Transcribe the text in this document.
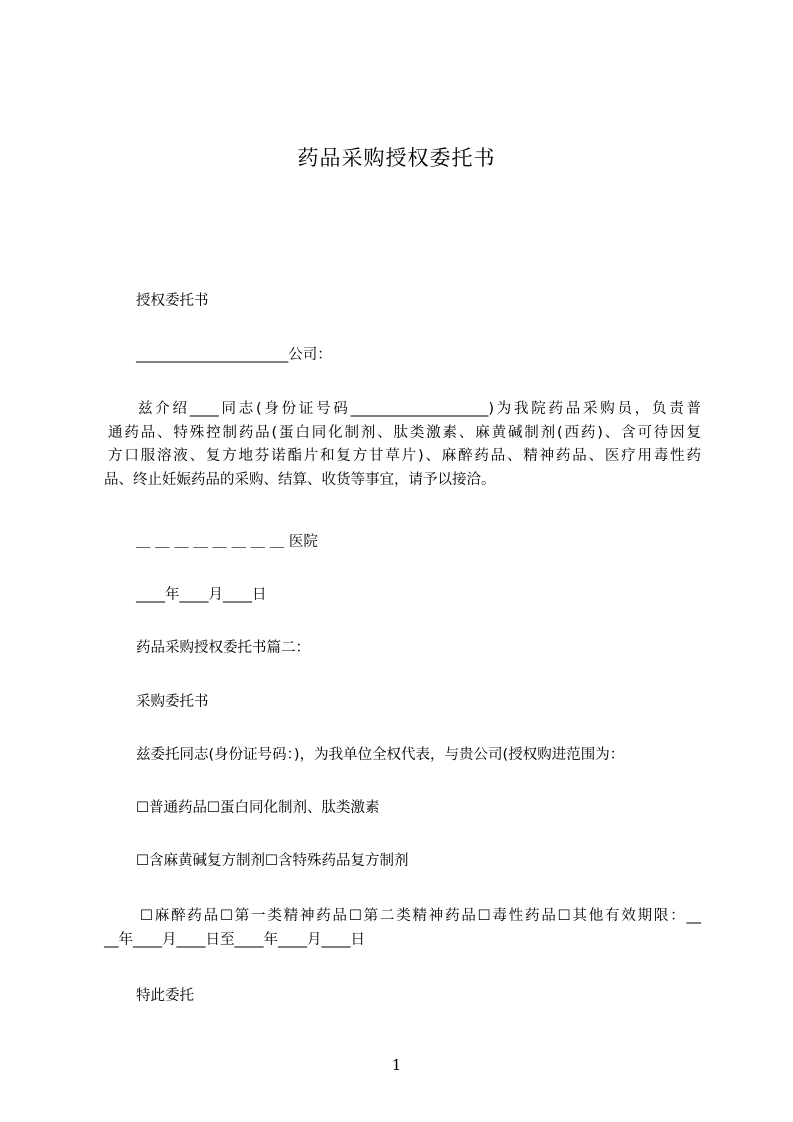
药品采购授权委托书
授权委托书
_____________________公司：
兹介绍____同志(身份证号码___________________)为我院药品采购员，负责普
通药品、特殊控制药品(蛋白同化制剂、肽类激素、麻黄碱制剂(西药)、含可待因复
方口服溶液、复方地芬诺酯片和复方甘草片)、麻醉药品、精神药品、医疗用毒性药
品、终止妊娠药品的采购、结算、收货等事宜，请予以接洽。
＿ ＿ ＿ ＿ ＿ ＿ ＿ ＿ 医院
____年____月____日
药品采购授权委托书篇二：
采购委托书
兹委托同志(身份证号码：)，为我单位全权代表，与贵公司(授权购进范围为：
☐普通药品☐蛋白同化制剂、肽类激素
☐含麻黄碱复方制剂☐含特殊药品复方制剂
☐麻醉药品☐第一类精神药品☐第二类精神药品☐毒性药品☐其他有效期限：__
__年____月____日至____年____月____日
特此委托
1
